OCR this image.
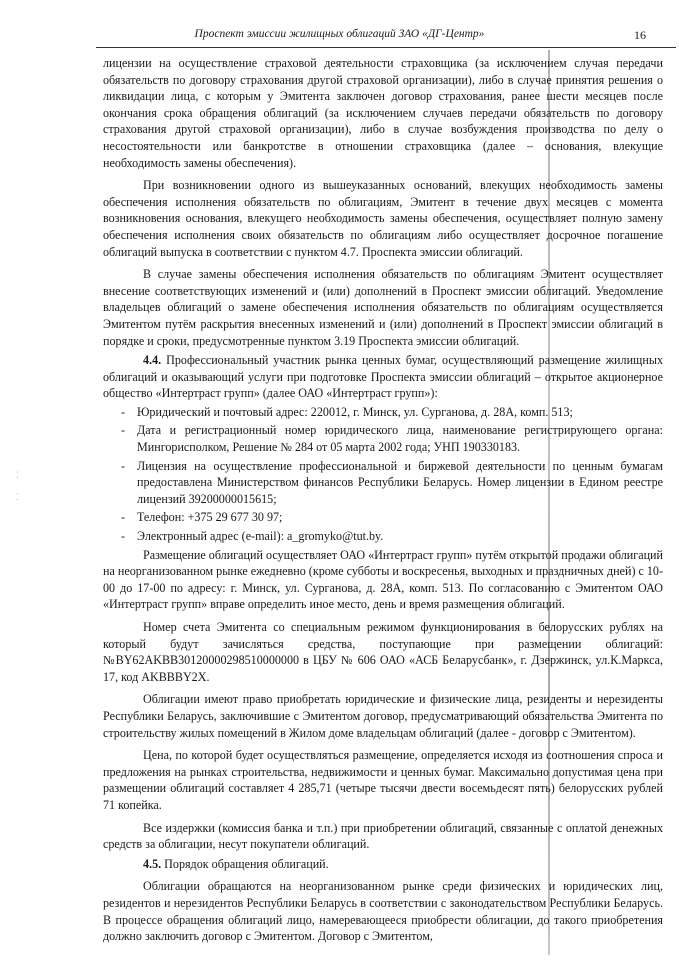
Проспект эмиссии жилищных облигаций ЗАО «ДГ-Центр»	16
⁚
⁚

лицензии на осуществление страховой деятельности страховщика (за исключением случая передачи обязательств по договору страхования другой страховой организации), либо в случае принятия решения о ликвидации лица, с которым у Эмитента заключен договор страхования, ранее шести месяцев после окончания срока обращения облигаций (за исключением случаев передачи обязательств по договору страхования другой страховой организации), либо в случае возбуждения производства по делу о несостоятельности или банкротстве в отношении страховщика (далее – основания, влекущие необходимость замены обеспечения).

При возникновении одного из вышеуказанных оснований, влекущих необходимость замены обеспечения исполнения обязательств по облигациям, Эмитент в течение двух месяцев с момента возникновения основания, влекущего необходимость замены обеспечения, осуществляет полную замену обеспечения исполнения своих обязательств по облигациям либо осуществляет досрочное погашение облигаций выпуска в соответствии с пунктом 4.7. Проспекта эмиссии облигаций.

В случае замены обеспечения исполнения обязательств по облигациям Эмитент осуществляет внесение соответствующих изменений и (или) дополнений в Проспект эмиссии облигаций. Уведомление владельцев облигаций о замене обеспечения исполнения обязательств по облигациям осуществляется Эмитентом путём раскрытия внесенных изменений и (или) дополнений в Проспект эмиссии облигаций в порядке и сроки, предусмотренные пунктом 3.19 Проспекта эмиссии облигаций.

4.4. Профессиональный участник рынка ценных бумаг, осуществляющий размещение жилищных облигаций и оказывающий услуги при подготовке Проспекта эмиссии облигаций – открытое акционерное общество «Интертраст групп» (далее ОАО «Интертраст групп»):

- Юридический и почтовый адрес: 220012, г. Минск, ул. Сурганова, д. 28А, комп. 513;
- Дата и регистрационный номер юридического лица, наименование регистрирующего органа: Мингорисполком, Решение № 284 от 05 марта 2002 года; УНП 190330183.
- Лицензия на осуществление профессиональной и биржевой деятельности по ценным бумагам предоставлена Министерством финансов Республики Беларусь. Номер лицензии в Едином реестре лицензий 39200000015615;
- Телефон: +375 29 677 30 97;
- Электронный адрес (e-mail): a_gromyko@tut.by.

Размещение облигаций осуществляет ОАО «Интертраст групп» путём открытой продажи облигаций на неорганизованном рынке ежедневно (кроме субботы и воскресенья, выходных и праздничных дней) с 10-00 до 17-00 по адресу: г. Минск, ул. Сурганова, д. 28А, комп. 513. По согласованию с Эмитентом ОАО «Интертраст групп» вправе определить иное место, день и время размещения облигаций.

Номер счета Эмитента со специальным режимом функционирования в белорусских рублях на который будут зачисляться средства, поступающие при размещении облигаций: №BY62AKBB30120000298510000000 в ЦБУ № 606 ОАО «АСБ Беларусбанк», г. Дзержинск, ул.К.Маркса, 17, код AKBBBY2X.

Облигации имеют право приобретать юридические и физические лица, резиденты и нерезиденты Республики Беларусь, заключившие с Эмитентом договор, предусматривающий обязательства Эмитента по строительству жилых помещений в Жилом доме владельцам облигаций (далее - договор с Эмитентом).

Цена, по которой будет осуществляться размещение, определяется исходя из соотношения спроса и предложения на рынках строительства, недвижимости и ценных бумаг. Максимально допустимая цена при размещении облигаций составляет 4 285,71 (четыре тысячи двести восемьдесят пять) белорусских рублей 71 копейка.

Все издержки (комиссия банка и т.п.) при приобретении облигаций, связанные с оплатой денежных средств за облигации, несут покупатели облигаций.

4.5. Порядок обращения облигаций.

Облигации обращаются на неорганизованном рынке среди физических и юридических лиц, резидентов и нерезидентов Республики Беларусь в соответствии с законодательством Республики Беларусь. В процессе обращения облигаций лицо, намеревающееся приобрести облигации, до такого приобретения должно заключить договор с Эмитентом. Договор с Эмитентом,
